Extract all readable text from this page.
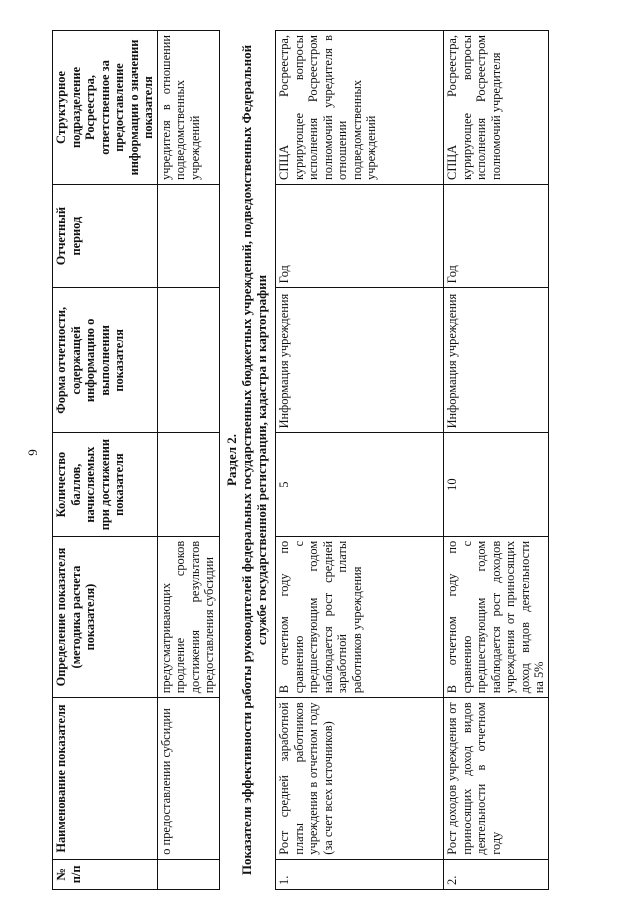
9
№ п/п	Наименование показателя	Определение показателя (методика расчета показателя)	Количество баллов, начисляемых при достижении показателя	Форма отчетности, содержащей информацию о выполнении показателя	Отчетный период	Структурное подразделение Росреестра, ответственное за предоставление информации о значении показателя
	о предоставлении субсидии	предусматривающих продление сроков достижения результатов предоставления субсидии				учредителя в отношении подведомственных учреждений

Раздел 2. Показатели эффективности работы руководителей федеральных государственных бюджетных учреждений, подведомственных Федеральной службе государственной регистрации, кадастра и картографии						

1.	Рост средней заработной платы работников учреждения в отчетном году (за счет всех источников)	В отчетном году по сравнению с предшествующим годом наблюдается рост средней заработной платы работников учреждения	5	Информация учреждения	Год	СПЦА Росреестра, курирующее вопросы исполнения Росреестром полномочий учредителя в отношении подведомственных учреждений
2.	Рост доходов учреждения от приносящих доход видов деятельности в отчетном году	В отчетном году по сравнению с предшествующим годом наблюдается рост доходов учреждения от приносящих доход видов деятельности на 5%	10	Информация учреждения	Год	СПЦА Росреестра, курирующее вопросы исполнения Росреестром полномочий учредителя
